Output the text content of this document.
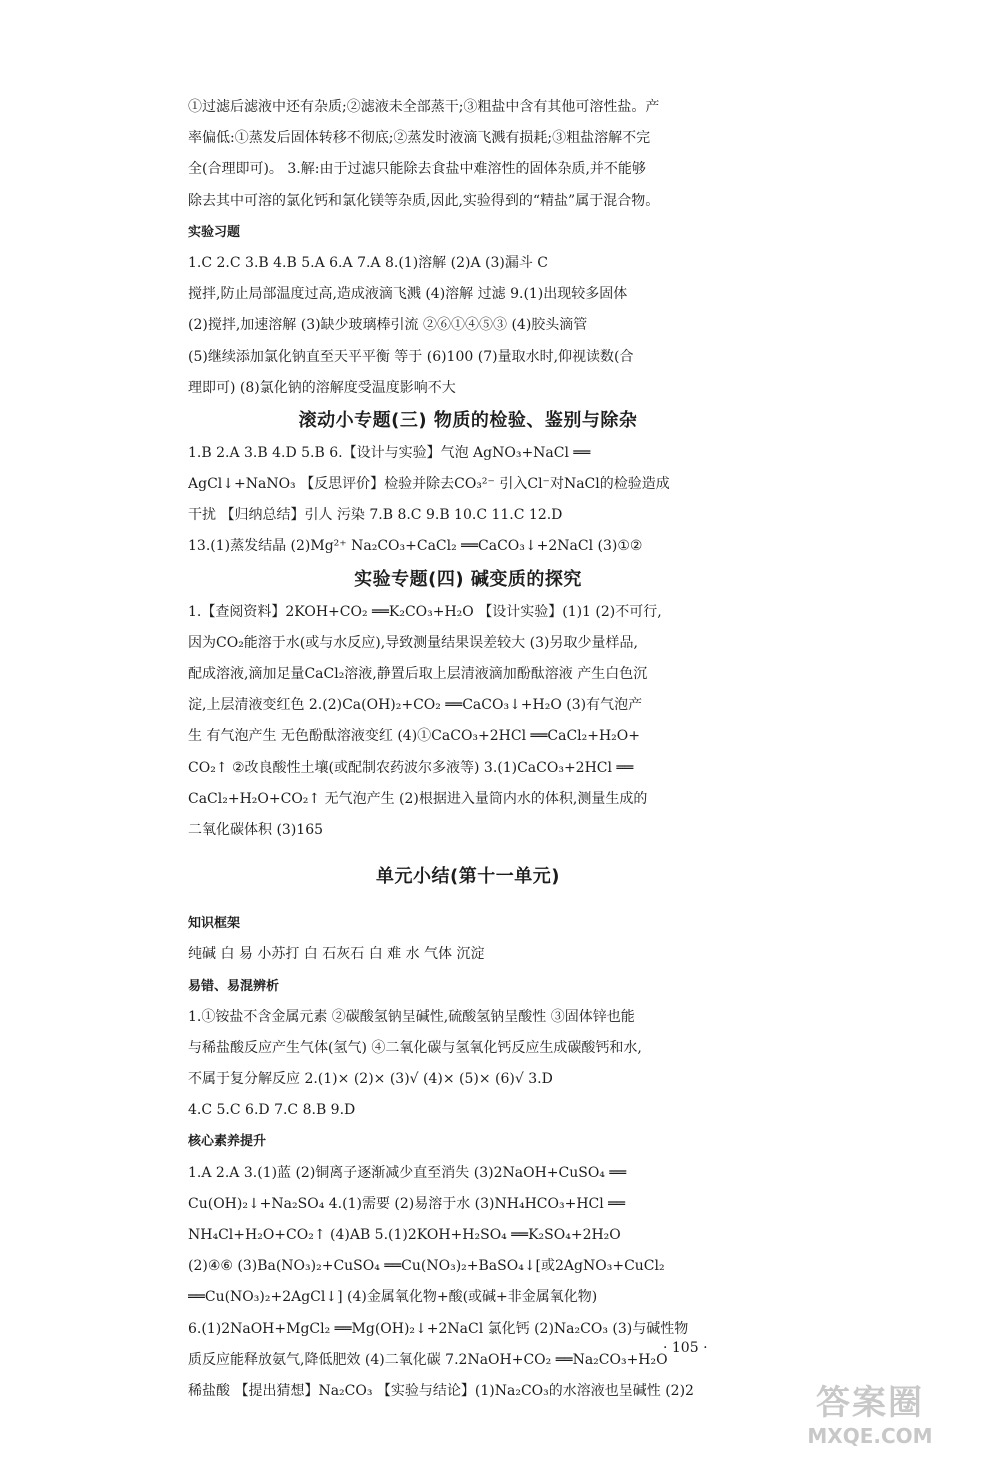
①过滤后滤液中还有杂质;②滤液未全部蒸干;③粗盐中含有其他可溶性盐。产
率偏低:①蒸发后固体转移不彻底;②蒸发时液滴飞溅有损耗;③粗盐溶解不完
全(合理即可)。 3.解:由于过滤只能除去食盐中难溶性的固体杂质,并不能够
除去其中可溶的氯化钙和氯化镁等杂质,因此,实验得到的“精盐”属于混合物。
实验习题
1.C 2.C 3.B 4.B 5.A 6.A 7.A 8.(1)溶解 (2)A (3)漏斗 C
搅拌,防止局部温度过高,造成液滴飞溅 (4)溶解 过滤 9.(1)出现较多固体
(2)搅拌,加速溶解 (3)缺少玻璃棒引流 ②⑥①④⑤③ (4)胶头滴管
(5)继续添加氯化钠直至天平平衡 等于 (6)100 (7)量取水时,仰视读数(合
理即可) (8)氯化钠的溶解度受温度影响不大
滚动小专题(三) 物质的检验、鉴别与除杂
1.B 2.A 3.B 4.D 5.B 6.【设计与实验】气泡 AgNO₃+NaCl ══
AgCl↓+NaNO₃ 【反思评价】检验并除去CO₃²⁻ 引入Cl⁻对NaCl的检验造成
干扰 【归纳总结】引人 污染 7.B 8.C 9.B 10.C 11.C 12.D
13.(1)蒸发结晶 (2)Mg²⁺ Na₂CO₃+CaCl₂ ══CaCO₃↓+2NaCl (3)①②
实验专题(四) 碱变质的探究
1.【查阅资料】2KOH+CO₂ ══K₂CO₃+H₂O 【设计实验】(1)1 (2)不可行,
因为CO₂能溶于水(或与水反应),导致测量结果误差较大 (3)另取少量样品,
配成溶液,滴加足量CaCl₂溶液,静置后取上层清液滴加酚酞溶液 产生白色沉
淀,上层清液变红色 2.(2)Ca(OH)₂+CO₂ ══CaCO₃↓+H₂O (3)有气泡产
生 有气泡产生 无色酚酞溶液变红 (4)①CaCO₃+2HCl ══CaCl₂+H₂O+
CO₂↑ ②改良酸性土壤(或配制农药波尔多液等) 3.(1)CaCO₃+2HCl ══
CaCl₂+H₂O+CO₂↑ 无气泡产生 (2)根据进入量筒内水的体积,测量生成的
二氧化碳体积 (3)165
单元小结(第十一单元)
知识框架
纯碱 白 易 小苏打 白 石灰石 白 难 水 气体 沉淀
易错、易混辨析
1.①铵盐不含金属元素 ②碳酸氢钠呈碱性,硫酸氢钠呈酸性 ③固体锌也能
与稀盐酸反应产生气体(氢气) ④二氧化碳与氢氧化钙反应生成碳酸钙和水,
不属于复分解反应 2.(1)× (2)× (3)√ (4)× (5)× (6)√ 3.D
4.C 5.C 6.D 7.C 8.B 9.D
核心素养提升
1.A 2.A 3.(1)蓝 (2)铜离子逐渐减少直至消失 (3)2NaOH+CuSO₄ ══
Cu(OH)₂↓+Na₂SO₄ 4.(1)需要 (2)易溶于水 (3)NH₄HCO₃+HCl ══
NH₄Cl+H₂O+CO₂↑ (4)AB 5.(1)2KOH+H₂SO₄ ══K₂SO₄+2H₂O
(2)④⑥ (3)Ba(NO₃)₂+CuSO₄ ══Cu(NO₃)₂+BaSO₄↓[或2AgNO₃+CuCl₂
══Cu(NO₃)₂+2AgCl↓] (4)金属氧化物+酸(或碱+非金属氧化物)
6.(1)2NaOH+MgCl₂ ══Mg(OH)₂↓+2NaCl 氯化钙 (2)Na₂CO₃ (3)与碱性物
质反应能释放氨气,降低肥效 (4)二氧化碳 7.2NaOH+CO₂ ══Na₂CO₃+H₂O
稀盐酸 【提出猜想】Na₂CO₃ 【实验与结论】(1)Na₂CO₃的水溶液也呈碱性 (2)2
· 105 ·
答案圈
MXQE.COM
